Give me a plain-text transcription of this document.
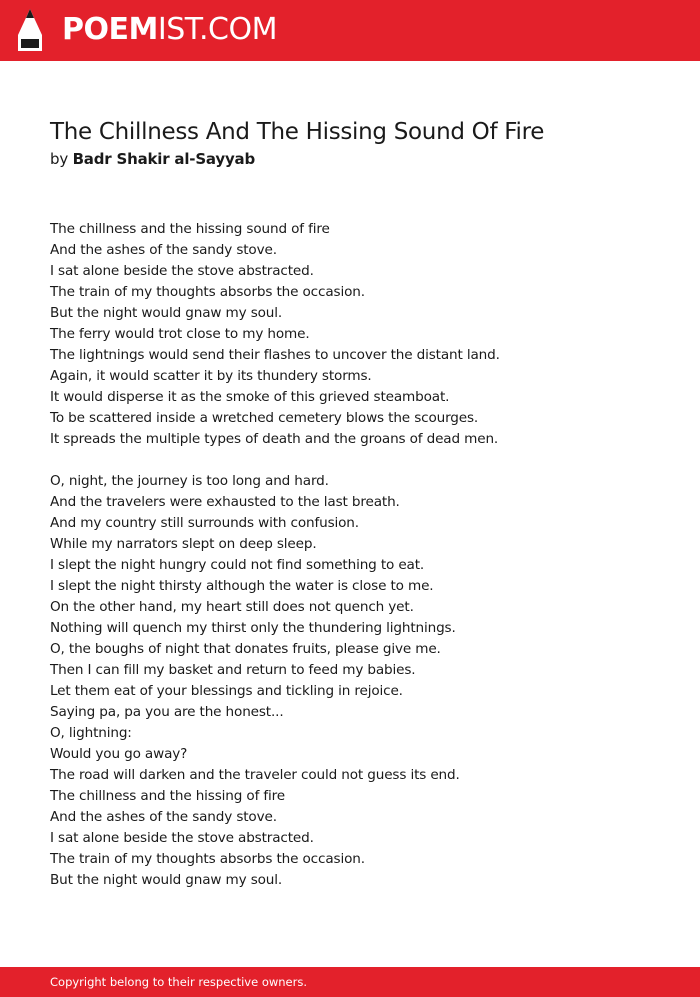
POEMIST.COM
The Chillness And The Hissing Sound Of Fire
by Badr Shakir al-Sayyab
The chillness and the hissing sound of fire
And the ashes of the sandy stove.
I sat alone beside the stove abstracted.
The train of my thoughts absorbs the occasion.
But the night would gnaw my soul.
The ferry would trot close to my home.
The lightnings would send their flashes to uncover the distant land.
Again, it would scatter it by its thundery storms.
It would disperse it as the smoke of this grieved steamboat.
To be scattered inside a wretched cemetery blows the scourges.
It spreads the multiple types of death and the groans of dead men.
O, night, the journey is too long and hard.
And the travelers were exhausted to the last breath.
And my country still surrounds with confusion.
While my narrators slept on deep sleep.
I slept the night hungry could not find something to eat.
I slept the night thirsty although the water is close to me.
On the other hand, my heart still does not quench yet.
Nothing will quench my thirst only the thundering lightnings.
O, the boughs of night that donates fruits, please give me.
Then I can fill my basket and return to feed my babies.
Let them eat of your blessings and tickling in rejoice.
Saying pa, pa you are the honest...
O, lightning:
Would you go away?
The road will darken and the traveler could not guess its end.
The chillness and the hissing of fire
And the ashes of the sandy stove.
I sat alone beside the stove abstracted.
The train of my thoughts absorbs the occasion.
But the night would gnaw my soul.
Copyright belong to their respective owners.
